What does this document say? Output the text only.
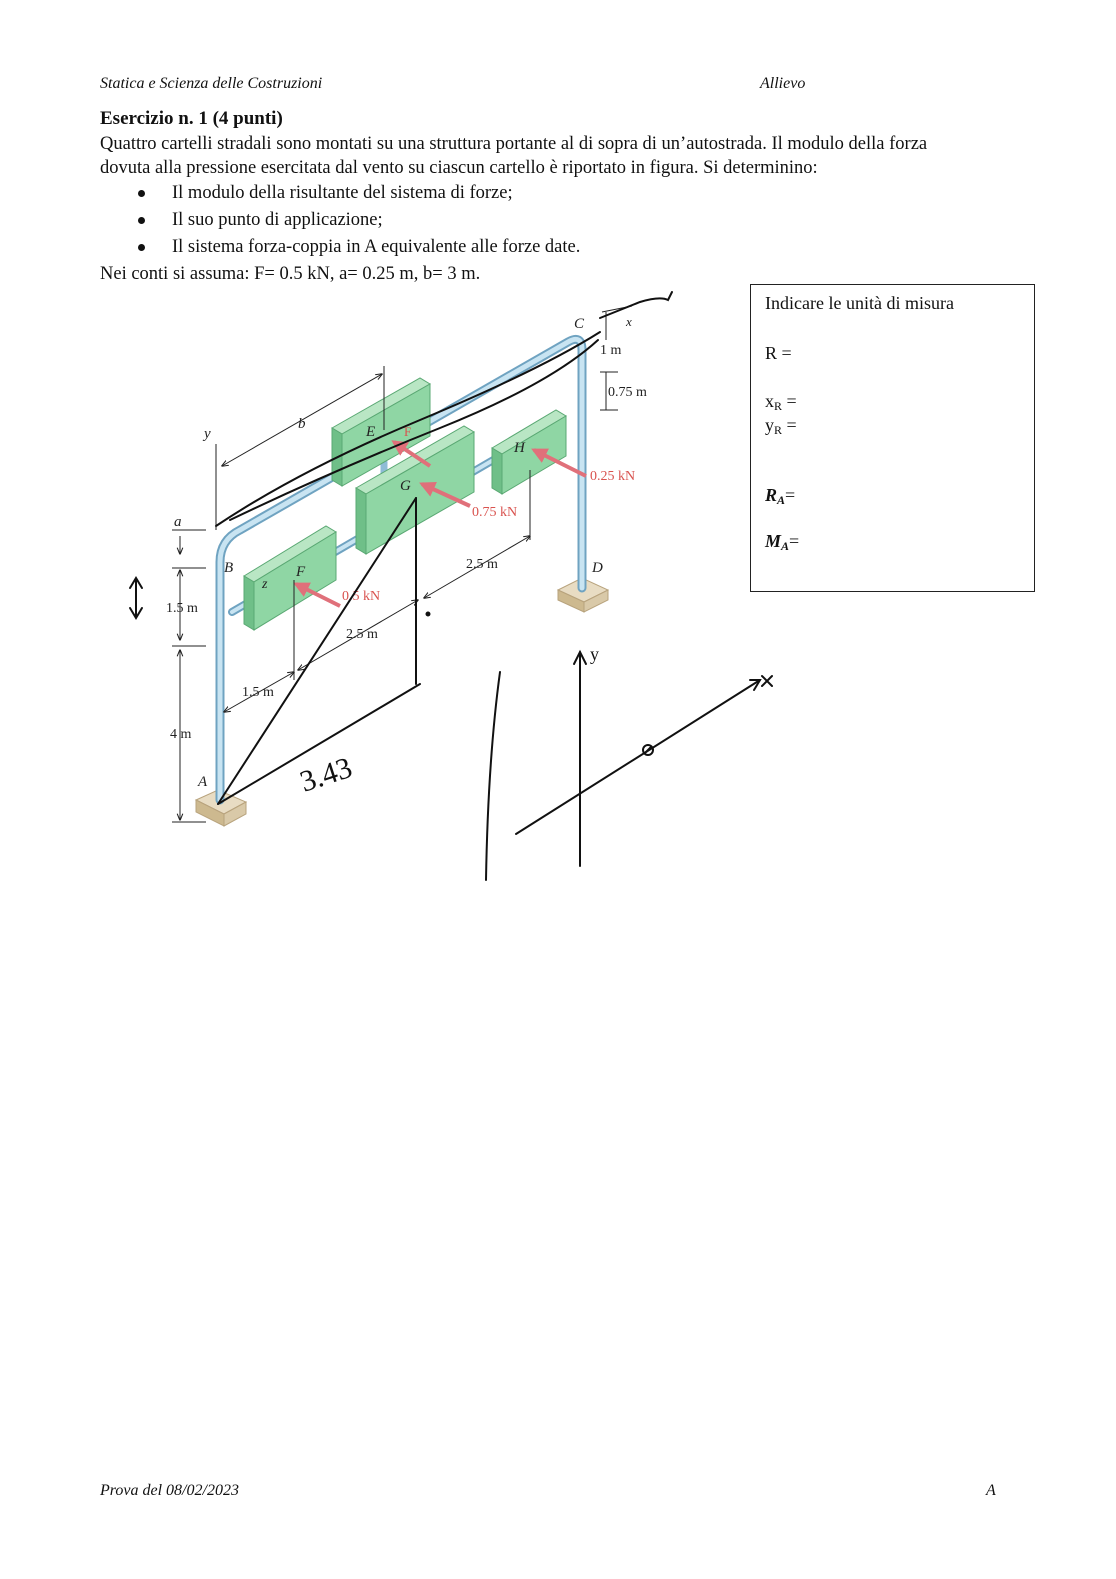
Statica e Scienza delle Costruzioni	Allievo
Esercizio n. 1 (4 punti)
Quattro cartelli stradali sono montati su una struttura portante al di sopra di un’autostrada. Il modulo della forza
dovuta alla pressione esercitata dal vento su ciascun cartello è riportato in figura. Si determinino:
Il modulo della risultante del sistema di forze;
Il suo punto di applicazione;
Il sistema forza-coppia in A equivalente alle forze date.
Nei conti si assuma: F= 0.5 kN, a= 0.25 m, b= 3 m.
Indicare le unità di misura
R =
$x_R$ =
$y_R$ =
$R_A=$
$M_A=$
C
D
B
A
E
G
H
F
x
y
z
a
b	F
1 m
0.75 m
1.5 m
4 m
2.5 m
2.5 m
1.5 m
0.25 kN
0.75 kN
0.5 kN
3.43
y
Prova del 08/02/2023	A
